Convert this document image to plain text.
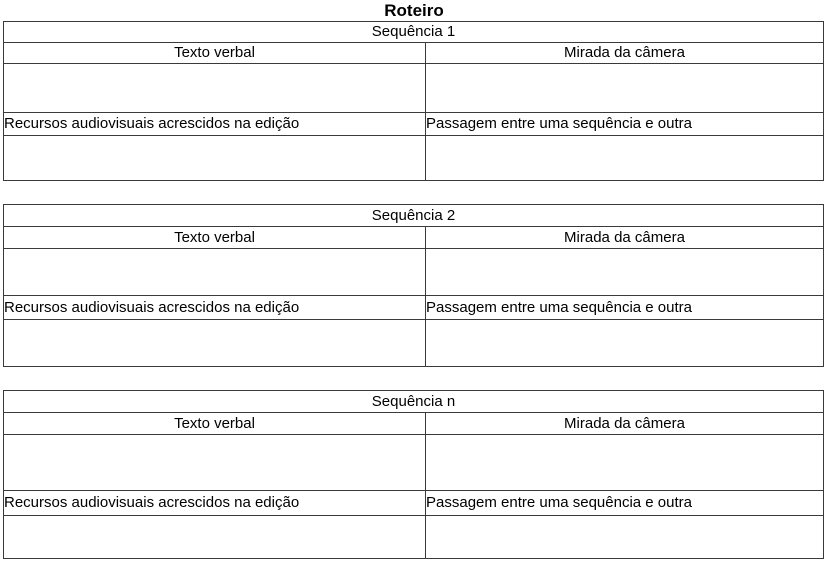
Roteiro
Sequência 1	
Texto verbal	Mirada da câmera

Recursos audiovisuais acrescidos na edição	Passagem entre uma sequência e outra

Sequência 2	
Texto verbal	Mirada da câmera

Recursos audiovisuais acrescidos na edição	Passagem entre uma sequência e outra

Sequência n	
Texto verbal	Mirada da câmera

Recursos audiovisuais acrescidos na edição	Passagem entre uma sequência e outra
